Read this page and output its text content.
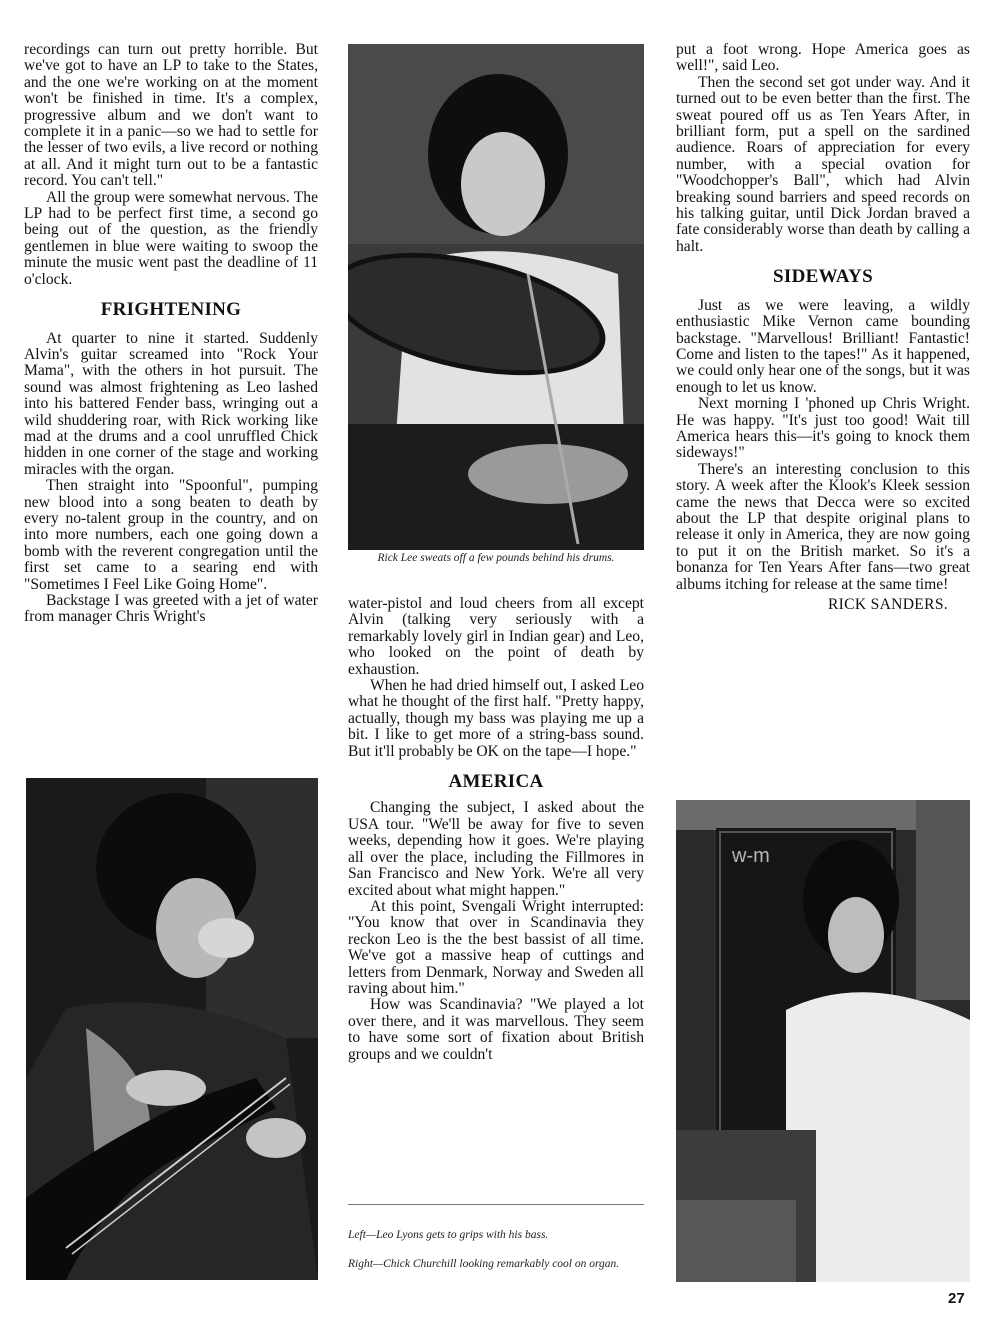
recordings can turn out pretty horrible. But we've got to have an LP to take to the States, and the one we're working on at the moment won't be finished in time. It's a complex, progressive album and we don't want to complete it in a panic—so we had to settle for the lesser of two evils, a live record or nothing at all. And it might turn out to be a fantastic record. You can't tell."

All the group were somewhat nervous. The LP had to be perfect first time, a second go being out of the question, as the friendly gentlemen in blue were waiting to swoop the minute the music went past the deadline of 11 o'clock.

FRIGHTENING

At quarter to nine it started. Suddenly Alvin's guitar screamed into "Rock Your Mama", with the others in hot pursuit. The sound was almost frightening as Leo lashed into his battered Fender bass, wringing out a wild shuddering roar, with Rick working like mad at the drums and a cool unruffled Chick hidden in one corner of the stage and working miracles with the organ.

Then straight into "Spoonful", pumping new blood into a song beaten to death by every no-talent group in the country, and on into more numbers, each one going down a bomb with the reverent congregation until the first set came to a searing end with "Sometimes I Feel Like Going Home".

Backstage I was greeted with a jet of water from manager Chris Wright's

Rick Lee sweats off a few pounds behind his drums.

water-pistol and loud cheers from all except Alvin (talking very seriously with a remarkably lovely girl in Indian gear) and Leo, who looked on the point of death by exhaustion.

When he had dried himself out, I asked Leo what he thought of the first half. "Pretty happy, actually, though my bass was playing me up a bit. I like to get more of a string-bass sound. But it'll probably be OK on the tape—I hope."

AMERICA

Changing the subject, I asked about the USA tour. "We'll be away for five to seven weeks, depending how it goes. We're playing all over the place, including the Fillmores in San Francisco and New York. We're all very excited about what might happen."

At this point, Svengali Wright interrupted: "You know that over in Scandinavia they reckon Leo is the the best bassist of all time. We've got a massive heap of cuttings and letters from Denmark, Norway and Sweden all raving about him."

How was Scandinavia? "We played a lot over there, and it was marvellous. They seem to have some sort of fixation about British groups and we couldn't

Left—Leo Lyons gets to grips with his bass.
Right—Chick Churchill looking remarkably cool on organ.

put a foot wrong. Hope America goes as well!", said Leo.

Then the second set got under way. And it turned out to be even better than the first. The sweat poured off us as Ten Years After, in brilliant form, put a spell on the sardined audience. Roars of appreciation for every number, with a special ovation for "Woodchopper's Ball", which had Alvin breaking sound barriers and speed records on his talking guitar, until Dick Jordan braved a fate considerably worse than death by calling a halt.

SIDEWAYS

Just as we were leaving, a wildly enthusiastic Mike Vernon came bounding backstage. "Marvellous! Brilliant! Fantastic! Come and listen to the tapes!" As it happened, we could only hear one of the songs, but it was enough to let us know.

Next morning I 'phoned up Chris Wright. He was happy. "It's just too good! Wait till America hears this—it's going to knock them sideways!"

There's an interesting conclusion to this story. A week after the Klook's Kleek session came the news that Decca were so excited about the LP that despite original plans to release it only in America, they are now going to put it on the British market. So it's a bonanza for Ten Years After fans—two great albums itching for release at the same time!

RICK SANDERS.
w-m
27
